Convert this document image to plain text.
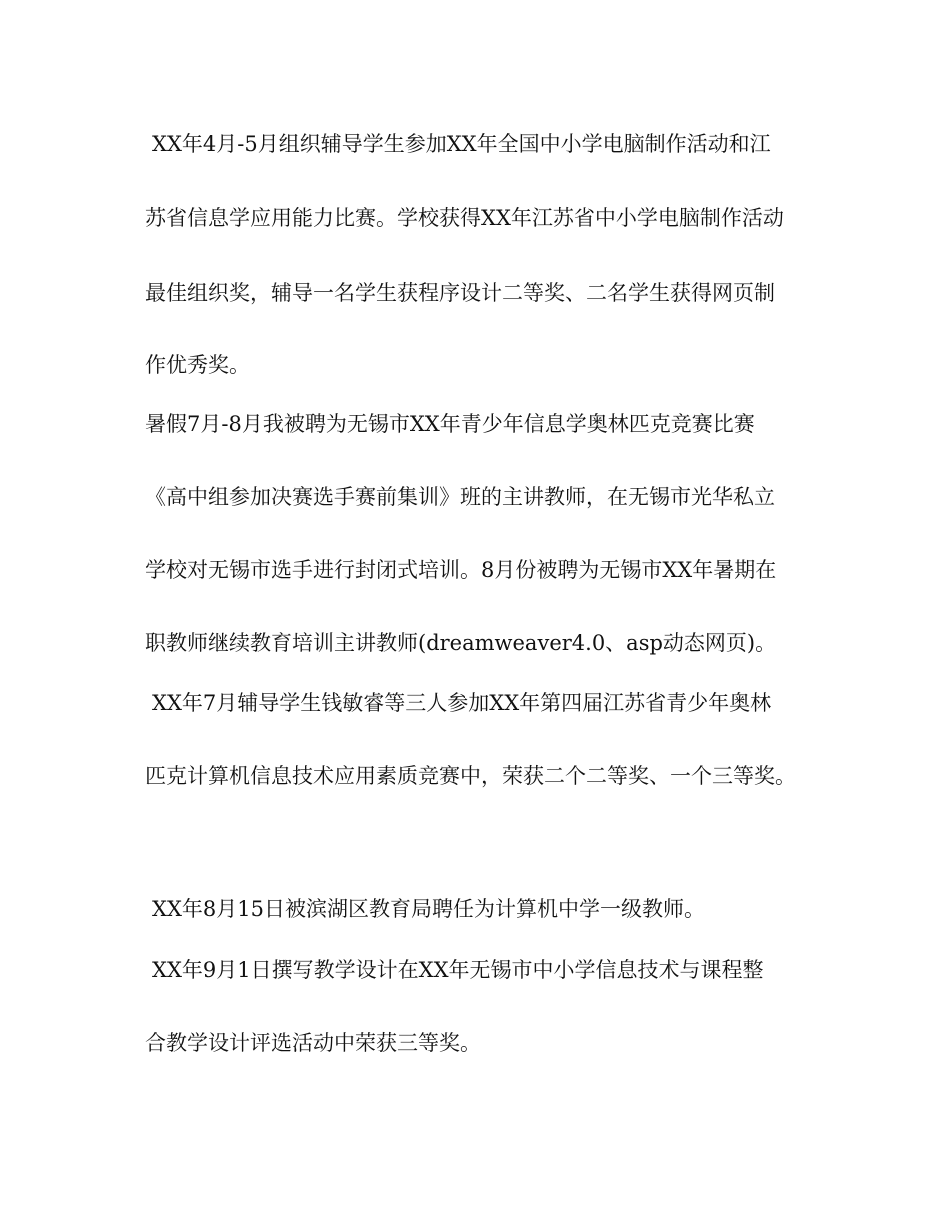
XX年4月-5月组织辅导学生参加XX年全国中小学电脑制作活动和江
苏省信息学应用能力比赛。学校获得XX年江苏省中小学电脑制作活动
最佳组织奖，辅导一名学生获程序设计二等奖、二名学生获得网页制
作优秀奖。
暑假7月-8月我被聘为无锡市XX年青少年信息学奥林匹克竞赛比赛
《高中组参加决赛选手赛前集训》班的主讲教师，在无锡市光华私立
学校对无锡市选手进行封闭式培训。8月份被聘为无锡市XX年暑期在
职教师继续教育培训主讲教师(dreamweaver4.0、asp动态网页)。
XX年7月辅导学生钱敏睿等三人参加XX年第四届江苏省青少年奥林
匹克计算机信息技术应用素质竞赛中，荣获二个二等奖、一个三等奖。
XX年8月15日被滨湖区教育局聘任为计算机中学一级教师。
XX年9月1日撰写教学设计在XX年无锡市中小学信息技术与课程整
合教学设计评选活动中荣获三等奖。
